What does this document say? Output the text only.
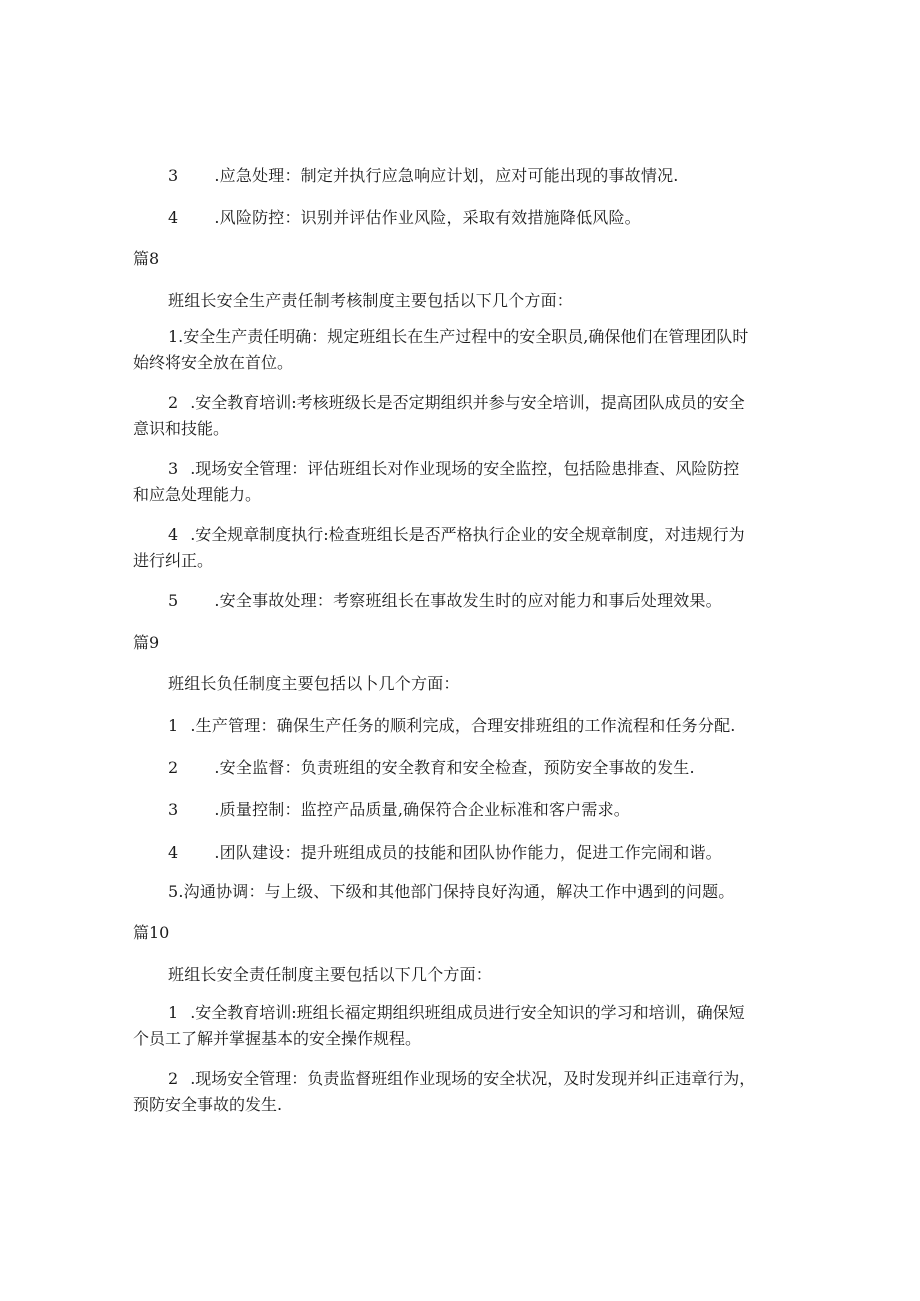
3 .应急处理：制定并执行应急响应计划，应对可能出现的事故情况.
4 .风险防控：识别并评估作业风险，采取有效措施降低风险。
篇8
班组长安全生产责任制考核制度主要包括以下几个方面：
1.安全生产责任明确：规定班组长在生产过程中的安全职员,确保他们在管理团队时
始终将安全放在首位。
2 .安全教育培训:考核班级长是否定期组织并参与安全培训，提高团队成员的安全
意识和技能。
3 .现场安全管理：评估班组长对作业现场的安全监控，包括险患排查、风险防控
和应急处理能力。
4 .安全规章制度执行:检查班组长是否严格执行企业的安全规章制度，对违规行为
进行纠正。
5 .安全事故处理：考察班组长在事故发生时的应对能力和事后处理效果。
篇9
班组长负任制度主要包括以卜几个方面：
1 .生产管理：确保生产任务的顺利完成，合理安排班组的工作流程和任务分配.
2 .安全监督：负责班组的安全教育和安全检查，预防安全事故的发生.
3 .质量控制：监控产品质量,确保符合企业标准和客户需求。
4 .团队建设：提升班组成员的技能和团队协作能力，促进工作完闹和谐。
5.沟通协调：与上级、下级和其他部门保持良好沟通，解决工作中遇到的问题。
篇10
班组长安全责任制度主要包括以下几个方面：
1 .安全教育培训:班组长福定期组织班组成员进行安全知识的学习和培训，确保短
个员工了解并掌握基本的安全操作规程。
2 .现场安全管理：负责监督班组作业现场的安全状况，及时发现并纠正违章行为，
预防安全事故的发生.
